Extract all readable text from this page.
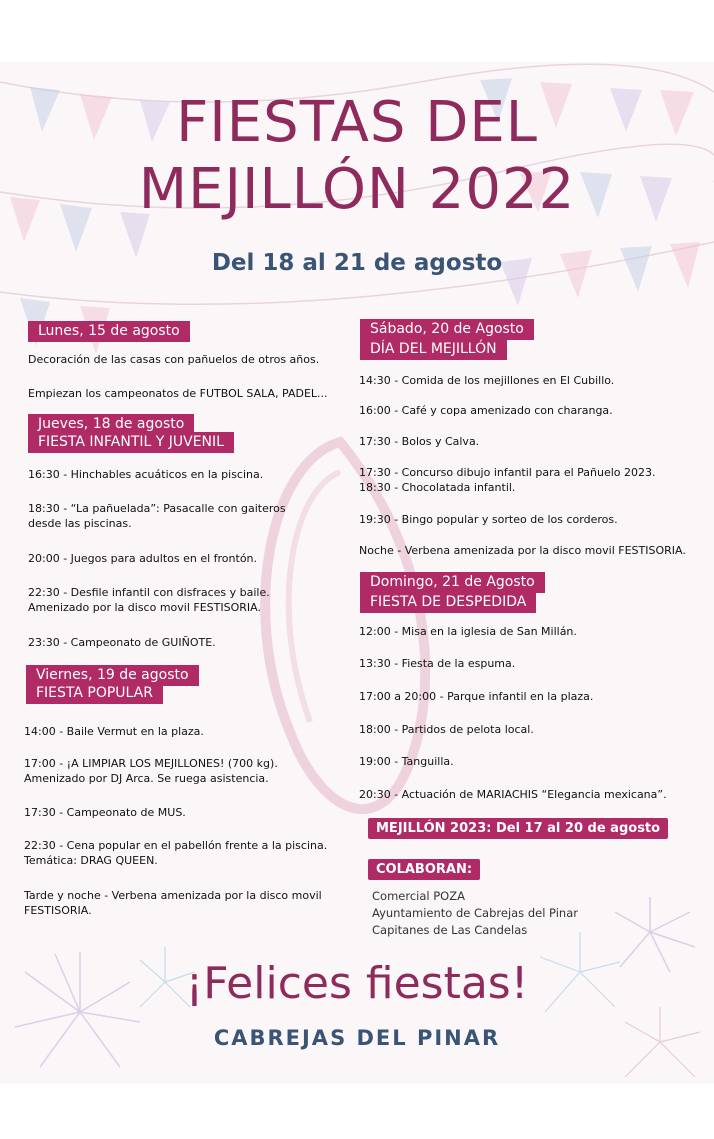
FIESTAS DEL
MEJILLÓN 2022
Del 18 al 21 de agosto
Lunes, 15 de agosto
Decoración de las casas con pañuelos de otros años.
Empiezan los campeonatos de FUTBOL SALA, PADEL...
Jueves, 18 de agosto
FIESTA INFANTIL Y JUVENIL
16:30 - Hinchables acuáticos en la piscina.
18:30 - “La pañuelada”: Pasacalle con gaiteros
desde las piscinas.
20:00 - Juegos para adultos en el frontón.
22:30 - Desfile infantil con disfraces y baile.
Amenizado por la disco movil FESTISORIA.
23:30 - Campeonato de GUIÑOTE.
Viernes, 19 de agosto
FIESTA POPULAR
14:00 - Baile Vermut en la plaza.
17:00 - ¡A LIMPIAR LOS MEJILLONES! (700 kg).
Amenizado por DJ Arca. Se ruega asistencia.
17:30 - Campeonato de MUS.
22:30 - Cena popular en el pabellón frente a la piscina.
Temática: DRAG QUEEN.
Tarde y noche - Verbena amenizada por la disco movil
FESTISORIA.
Sábado, 20 de Agosto
DÍA DEL MEJILLÓN
14:30 - Comida de los mejillones en El Cubillo.
16:00 - Café y copa amenizado con charanga.
17:30 - Bolos y Calva.
17:30 - Concurso dibujo infantil para el Pañuelo 2023.
18:30 - Chocolatada infantil.
19:30 - Bingo popular y sorteo de los corderos.
Noche - Verbena amenizada por la disco movil FESTISORIA.
Domingo, 21 de Agosto
FIESTA DE DESPEDIDA
12:00 - Misa en la iglesia de San Millán.
13:30 - Fiesta de la espuma.
17:00 a 20:00 - Parque infantil en la plaza.
18:00 - Partidos de pelota local.
19:00 - Tanguilla.
20:30 - Actuación de MARIACHIS “Elegancia mexicana”.
MEJILLÓN 2023: Del 17 al 20 de agosto
COLABORAN:
Comercial POZA
Ayuntamiento de Cabrejas del Pinar
Capitanes de Las Candelas
¡Felices fiestas!
CABREJAS DEL PINAR
